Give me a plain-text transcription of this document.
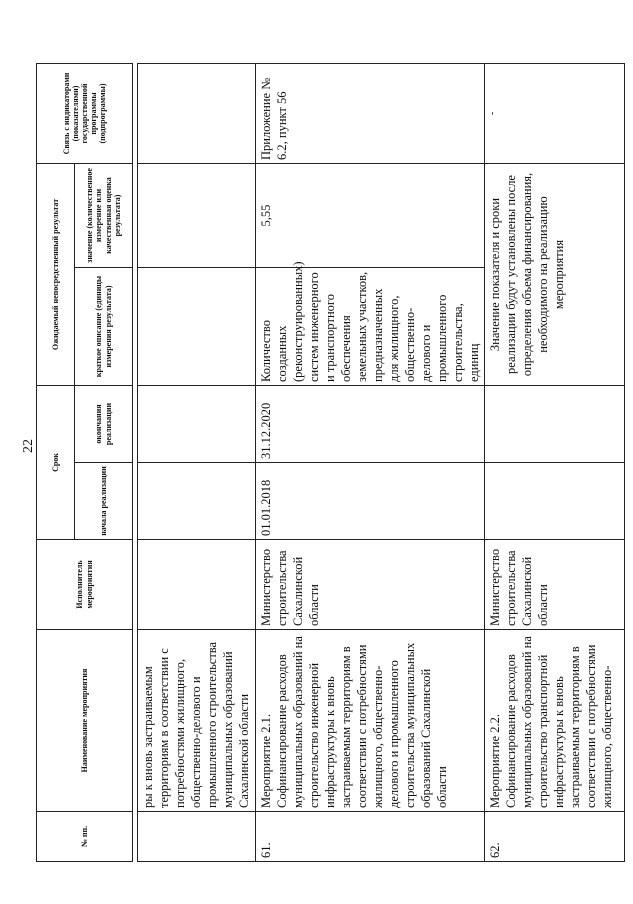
22
№ пп.	Наименование мероприятия	Исполнитель мероприятия	Срок		Ожидаемый непосредственный результат		Связь с индикаторами (показателями) государственной программы (подпрограммы)
			начала реализации	окончания реализации	краткое описание (единицы измерения результата)	значение (количественное измерение или качественная оценка результата)	

	ры к вновь застраиваемым территориям в соответствии с потребностями жилищного, общественно-делового и промышленного строительства муниципальных образований Сахалинской области						
61.	Мероприятие 2.1. Софинансирование расходов муниципальных образований на строительство инженерной инфраструктуры к вновь застраиваемым территориям в соответствии с потребностями жилищного, общественно-делового и промышленного строительства муниципальных образований Сахалинской области	Министерство строительства Сахалинской области	01.01.2018	31.12.2020	Количество созданных (реконструированных) систем инженерного и транспортного обеспечения земельных участков, предназначенных для жилищного, общественно-делового и промышленного строительства, единиц	5,55	Приложение № 6.2, пункт 56
62.	Мероприятие 2.2. Софинансирование расходов муниципальных образований на строительство транспортной инфраструктуры к вновь застраиваемым территориям в соответствии с потребностями жилищного, общественно-	Министерство строительства Сахалинской области			Значение показателя и сроки реализации будут установлены после определения объема финансирования, необходимого на реализацию мероприятия		-
